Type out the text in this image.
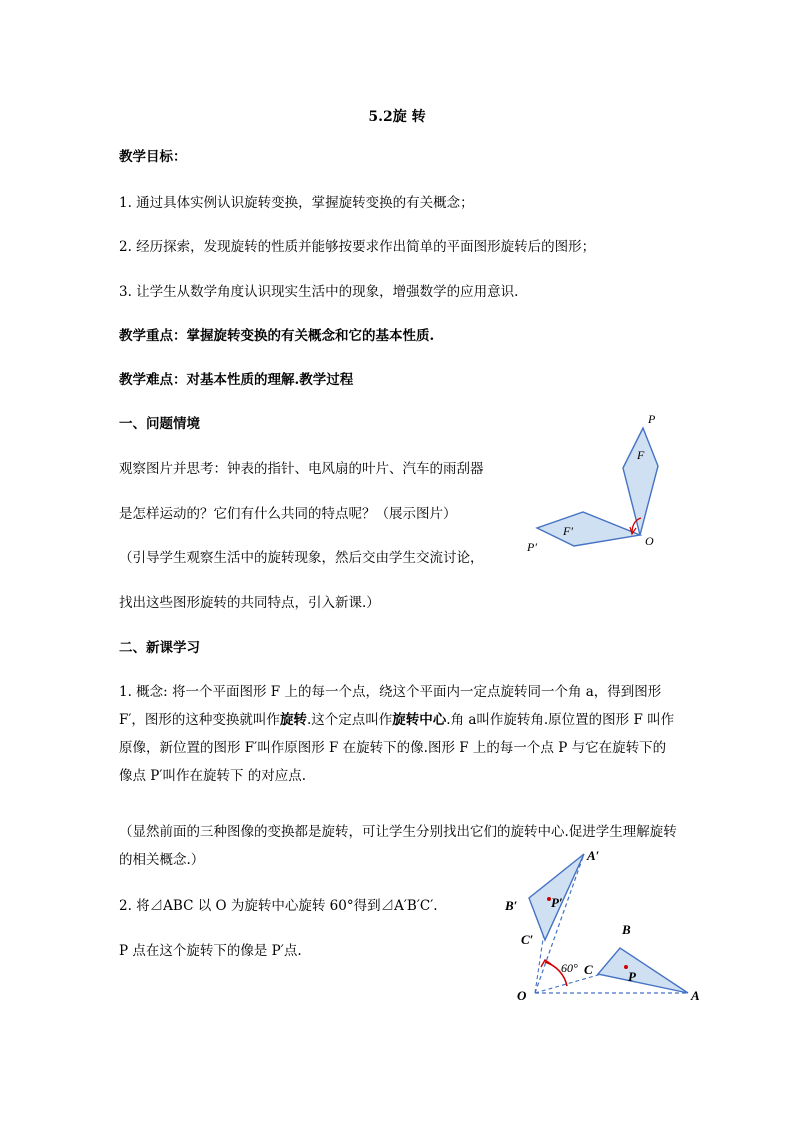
5.2旋 转
教学目标：
1. 通过具体实例认识旋转变换，掌握旋转变换的有关概念；
2. 经历探索，发现旋转的性质并能够按要求作出简单的平面图形旋转后的图形；
3. 让学生从数学角度认识现实生活中的现象，增强数学的应用意识.
教学重点：掌握旋转变换的有关概念和它的基本性质.
教学难点：对基本性质的理解.教学过程
一、问题情境
观察图片并思考：钟表的指针、电风扇的叶片、汽车的雨刮器
是怎样运动的？它们有什么共同的特点呢？（展示图片）
（引导学生观察生活中的旋转现象，然后交由学生交流讨论，
找出这些图形旋转的共同特点，引入新课.）
二、新课学习
1. 概念: 将一个平面图形 F 上的每一个点，绕这个平面内一定点旋转同一个角 a，得到图形 F′，图形的这种变换就叫作旋转.这个定点叫作旋转中心.角 a叫作旋转角.原位置的图形 F 叫作原像，新位置的图形 F′叫作原图形 F 在旋转下的像.图形 F 上的每一个点 P 与它在旋转下的像点 P′叫作在旋转下 的对应点.
（显然前面的三种图像的变换都是旋转，可让学生分别找出它们的旋转中心.促进学生理解旋转的相关概念.）
2. 将⊿ABC 以 O 为旋转中心旋转 60°得到⊿A′B′C′.
P 点在这个旋转下的像是 P′点.
P
F
F′
P′	O
A′
B′	P′
C′
B
60° C	P
O	A
